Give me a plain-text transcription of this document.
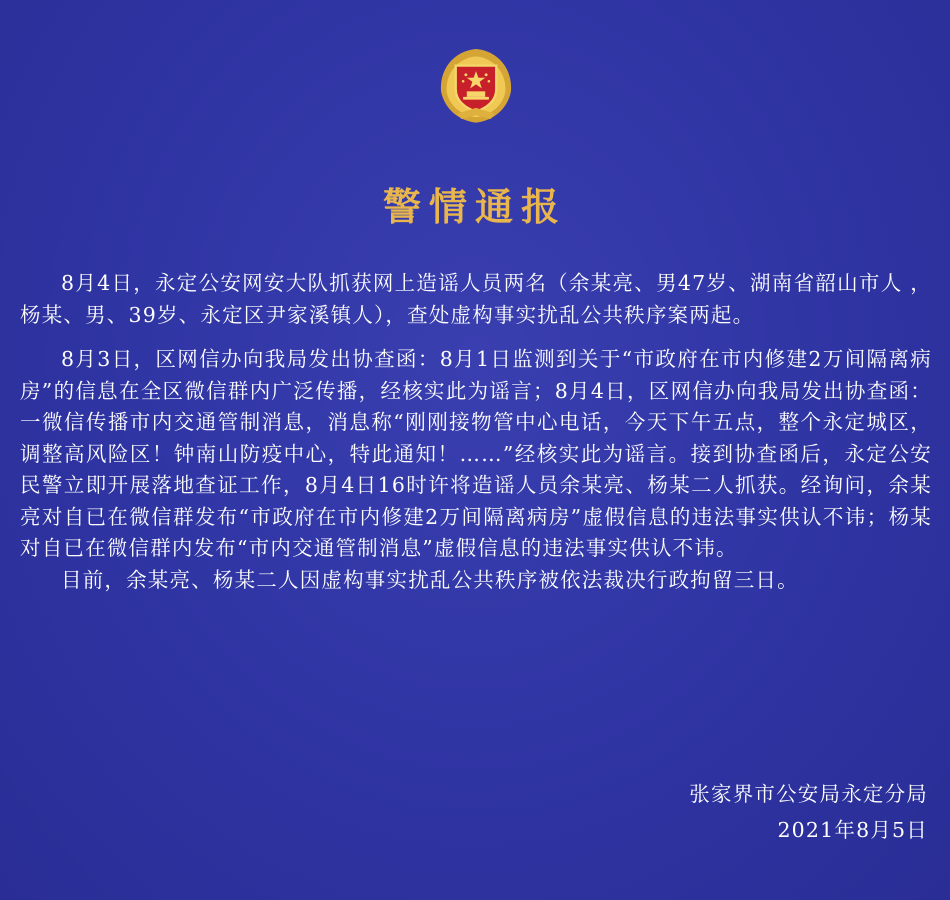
警情通报

8月4日，永定公安网安大队抓获网上造谣人员两名（余某亮、男47岁、湖南省韶山市人 ，杨某、男、39岁、永定区尹家溪镇人），查处虚构事实扰乱公共秩序案两起。

8月3日，区网信办向我局发出协查函：8月1日监测到关于“市政府在市内修建2万间隔离病房”的信息在全区微信群内广泛传播，经核实此为谣言；8月4日，区网信办向我局发出协查函：一微信传播市内交通管制消息，消息称“刚刚接物管中心电话，今天下午五点，整个永定城区，调整高风险区！钟南山防疫中心，特此通知！……”经核实此为谣言。接到协查函后，永定公安民警立即开展落地查证工作，8月4日16时许将造谣人员余某亮、杨某二人抓获。经询问，余某亮对自已在微信群发布“市政府在市内修建2万间隔离病房”虚假信息的违法事实供认不讳；杨某对自已在微信群内发布“市内交通管制消息”虚假信息的违法事实供认不讳。

目前，余某亮、杨某二人因虚构事实扰乱公共秩序被依法裁决行政拘留三日。

张家界市公安局永定分局
2021年8月5日
